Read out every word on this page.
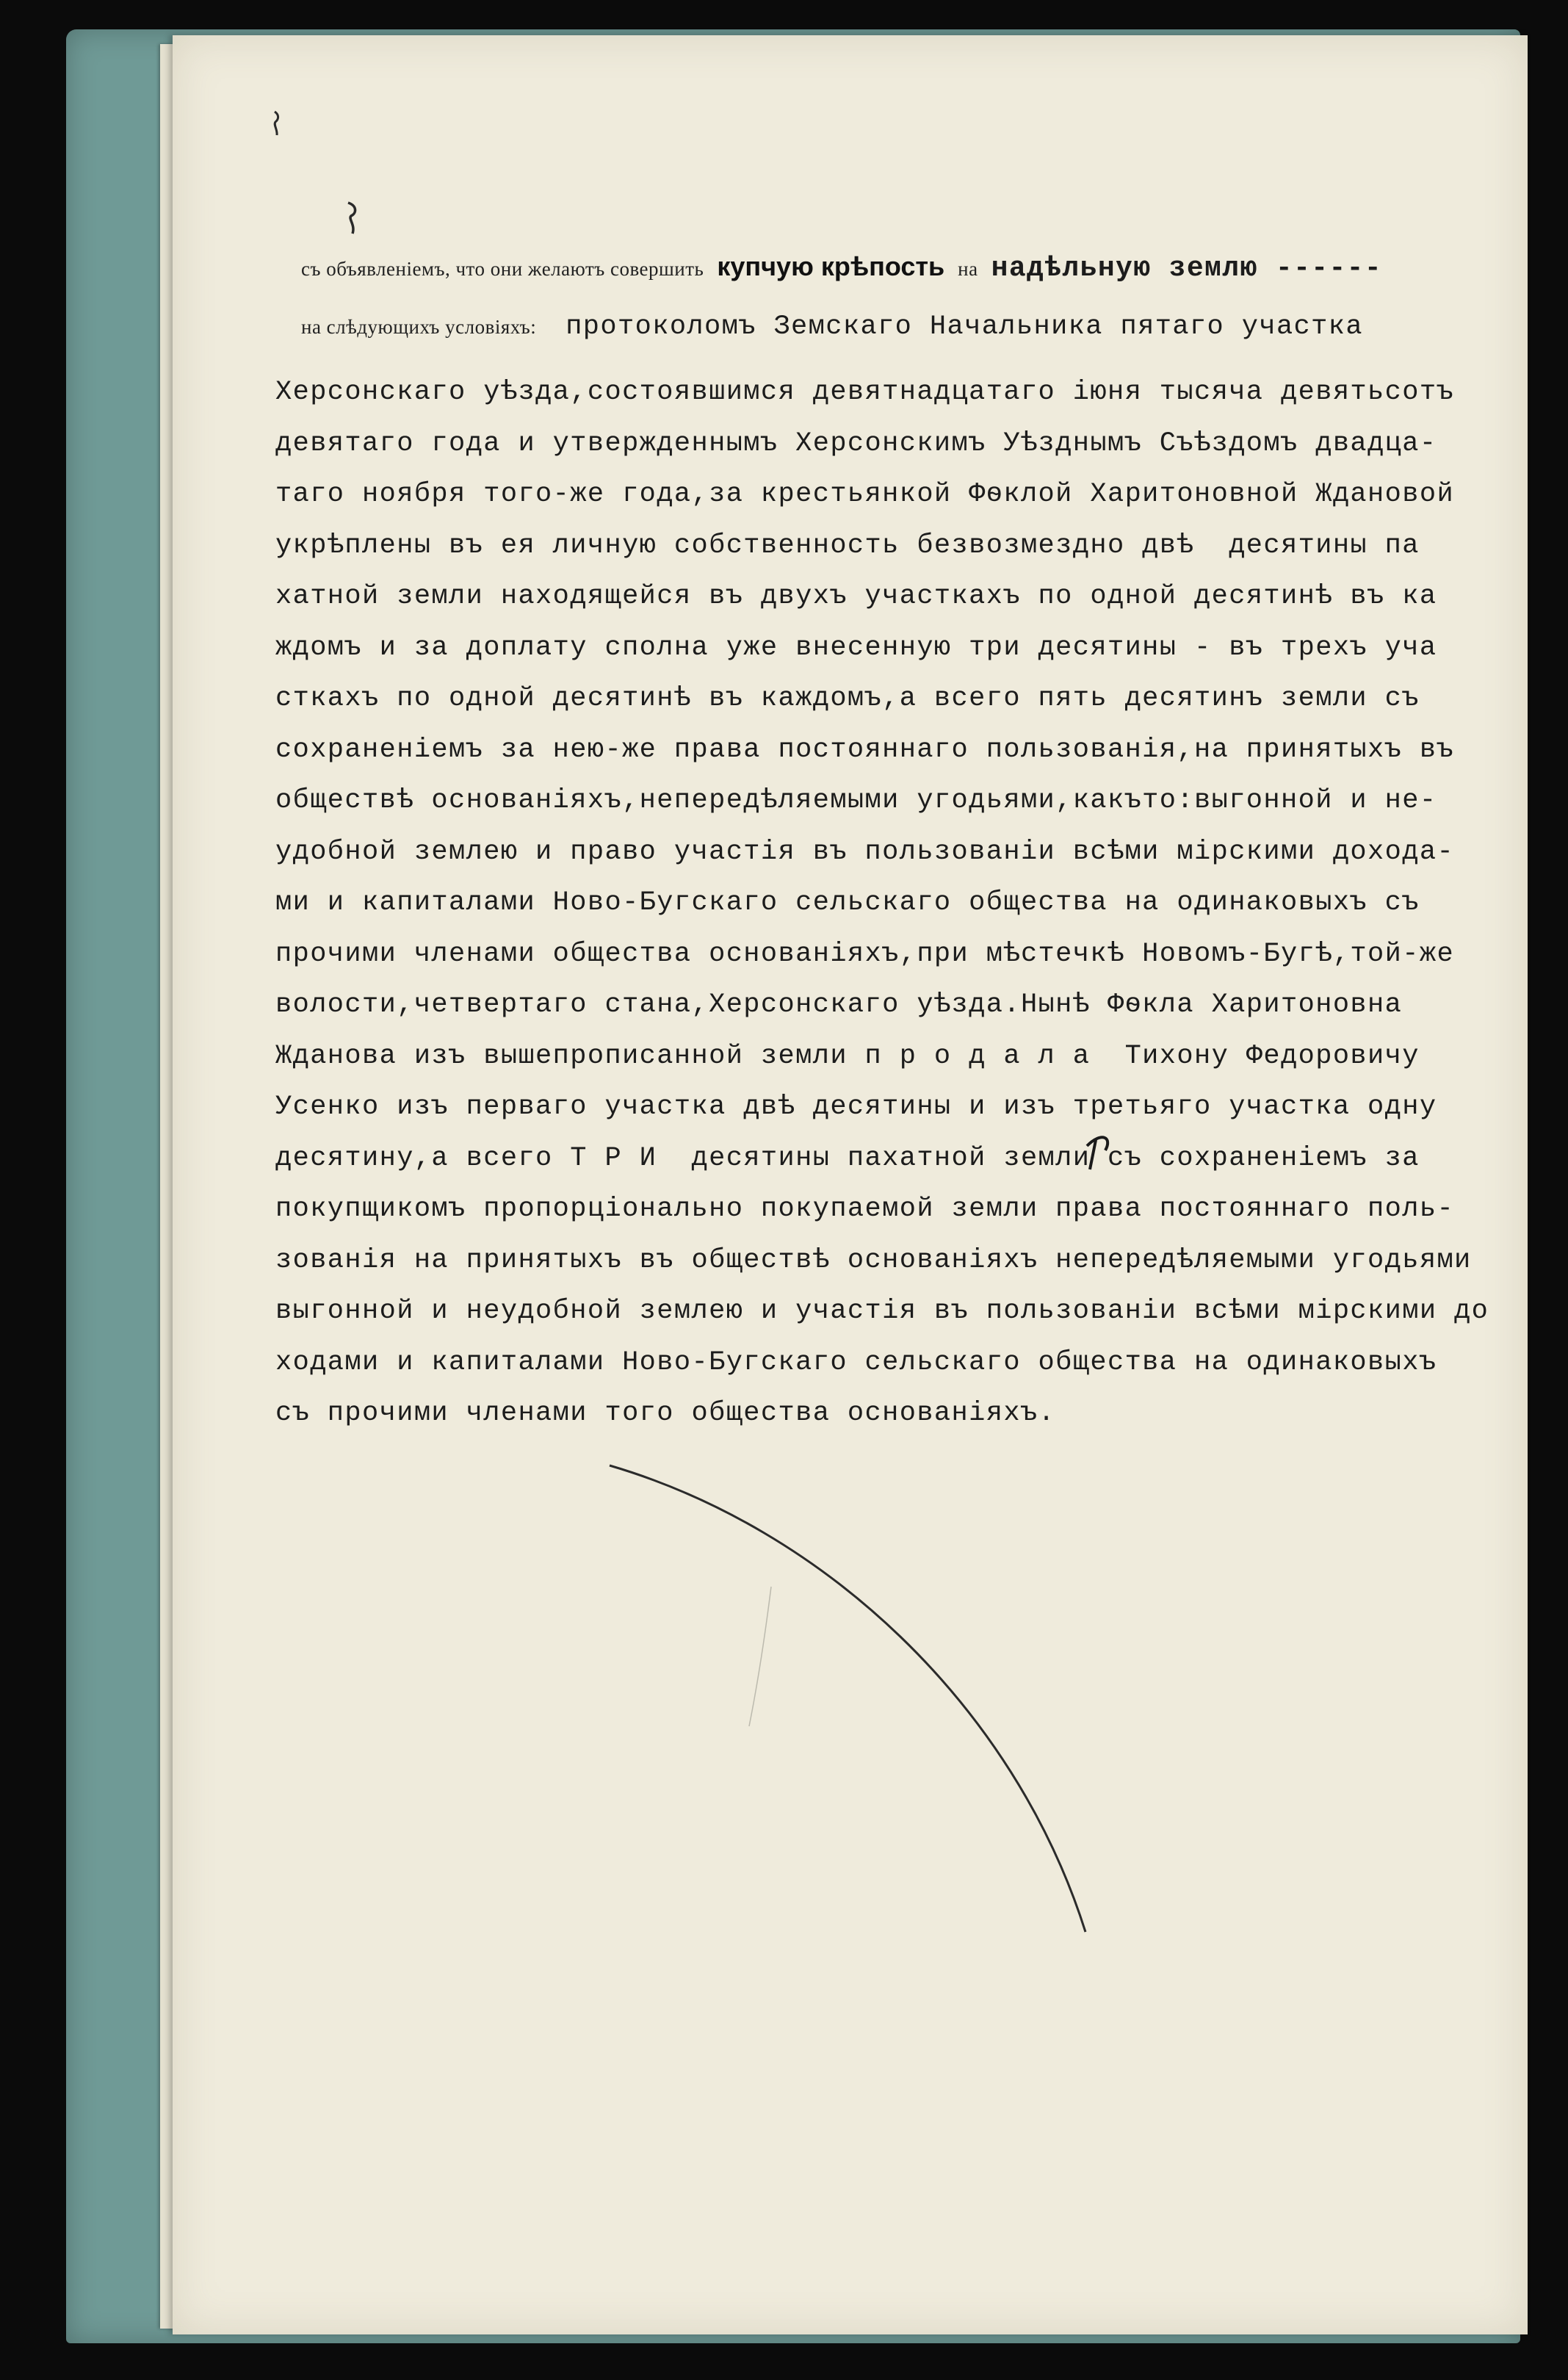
съ объявленіемъ, что они желаютъ совершить купчую крѣпость на надѣльную землю ------
на слѣдующихъ условіяхъ: протоколомъ Земскаго Начальника пятаго участка
Херсонскаго уѣзда,состоявшимся девятнадцатаго іюня тысяча девятьсотъ
девятаго года и утвержденнымъ Херсонскимъ Уѣзднымъ Съѣздомъ двадца-
таго ноября того-же года,за крестьянкой Фѳклой Харитоновной Ждановой
укрѣплены въ ея личную собственность безвозмездно двѣ  десятины па
хатной земли находящейся въ двухъ участкахъ по одной десятинѣ въ ка
ждомъ и за доплату сполна уже внесенную три десятины - въ трехъ уча
сткахъ по одной десятинѣ въ каждомъ,а всего пять десятинъ земли съ
сохраненіемъ за нею-же права постояннаго пользованія,на принятыхъ въ
обществѣ основаніяхъ,непередѣляемыми угодьями,какъто:выгонной и не-
удобной землею и право участія въ пользованіи всѣми мірскими дохода-
ми и капиталами Ново-Бугскаго сельскаго общества на одинаковыхъ съ
прочими членами общества основаніяхъ,при мѣстечкѣ Новомъ-Бугѣ,той-же
волости,четвертаго стана,Херсонскаго уѣзда.Нынѣ Фѳкла Харитоновна
Жданова изъ вышепрописанной земли п р о д а л а  Тихону Федоровичу
Усенко изъ перваго участка двѣ десятины и изъ третьяго участка одну
десятину,а всего Т Р И  десятины пахатной земли съ сохраненіемъ за
покупщикомъ пропорціонально покупаемой земли права постояннаго поль-
зованія на принятыхъ въ обществѣ основаніяхъ непередѣляемыми угодьями
выгонной и неудобной землею и участія въ пользованіи всѣми мірскими до
ходами и капиталами Ново-Бугскаго сельскаго общества на одинаковыхъ
съ прочими членами того общества основаніяхъ.
